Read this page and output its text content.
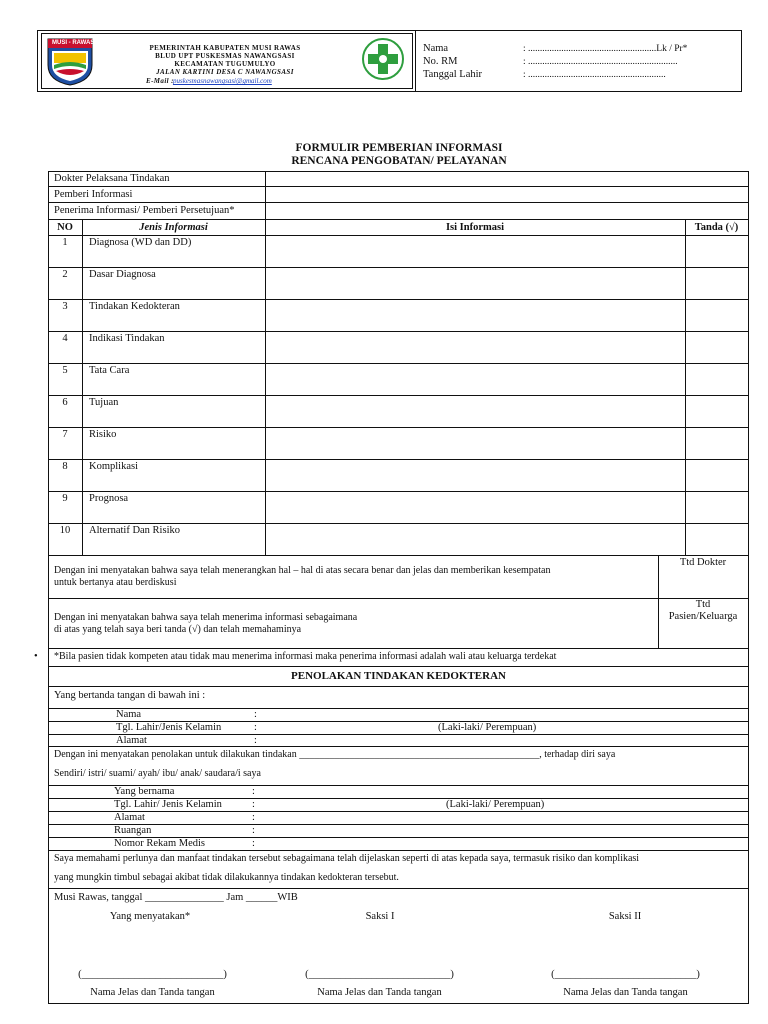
MUSI - RAWAS
PEMERINTAH KABUPATEN MUSI RAWAS
BLUD UPT PUSKESMAS NAWANGSASI
KECAMATAN TUGUMULYO
JALAN KARTINI DESA C NAWANGSASI
E-Mail : puskesmasnawangsasi@gmail.com
Nama	: ......................................................Lk / Pr*
No. RM	: ...............................................................
Tanggal Lahir	: ..........................................................
FORMULIR PEMBERIAN INFORMASI
RENCANA PENGOBATAN/ PELAYANAN
Dokter Pelaksana Tindakan
Pemberi Informasi
Penerima Informasi/ Pemberi Persetujuan*
NO	Jenis Informasi	Isi Informasi	Tanda (√)
1	Diagnosa (WD dan DD)
2	Dasar Diagnosa
3	Tindakan Kedokteran
4	Indikasi Tindakan
5	Tata Cara
6	Tujuan
7	Risiko
8	Komplikasi
9	Prognosa
10	Alternatif Dan Risiko
Dengan ini menyatakan bahwa saya telah menerangkan hal – hal di atas secara benar dan jelas dan memberikan kesempatan
untuk bertanya atau berdiskusi
Ttd Dokter
Dengan ini menyatakan bahwa saya telah menerima informasi sebagaimana
di atas yang telah saya beri tanda (√) dan telah memahaminya
Ttd
Pasien/Keluarga
• *Bila pasien tidak kompeten atau tidak mau menerima informasi maka penerima informasi adalah wali atau keluarga terdekat
PENOLAKAN TINDAKAN KEDOKTERAN
Yang bertanda tangan di bawah ini :
Nama	:
Tgl. Lahir/Jenis Kelamin	:	(Laki-laki/ Perempuan)
Alamat	:
Dengan ini menyatakan penolakan untuk dilakukan tindakan ________________________________________________, terhadap diri saya
Sendiri/ istri/ suami/ ayah/ ibu/ anak/ saudara/i saya
Yang bernama	:
Tgl. Lahir/ Jenis Kelamin	:	(Laki-laki/ Perempuan)
Alamat	:
Ruangan	:
Nomor Rekam Medis	:
Saya memahami perlunya dan manfaat tindakan tersebut sebagaimana telah dijelaskan seperti di atas kepada saya, termasuk risiko dan komplikasi
yang mungkin timbul sebagai akibat tidak dilakukannya tindakan kedokteran tersebut.
Musi Rawas, tanggal _______________ Jam ______WIB
Yang menyatakan*	Saksi I	Saksi II
(___________________________)	(___________________________)	(___________________________)
Nama Jelas dan Tanda tangan	Nama Jelas dan Tanda tangan	Nama Jelas dan Tanda tangan
